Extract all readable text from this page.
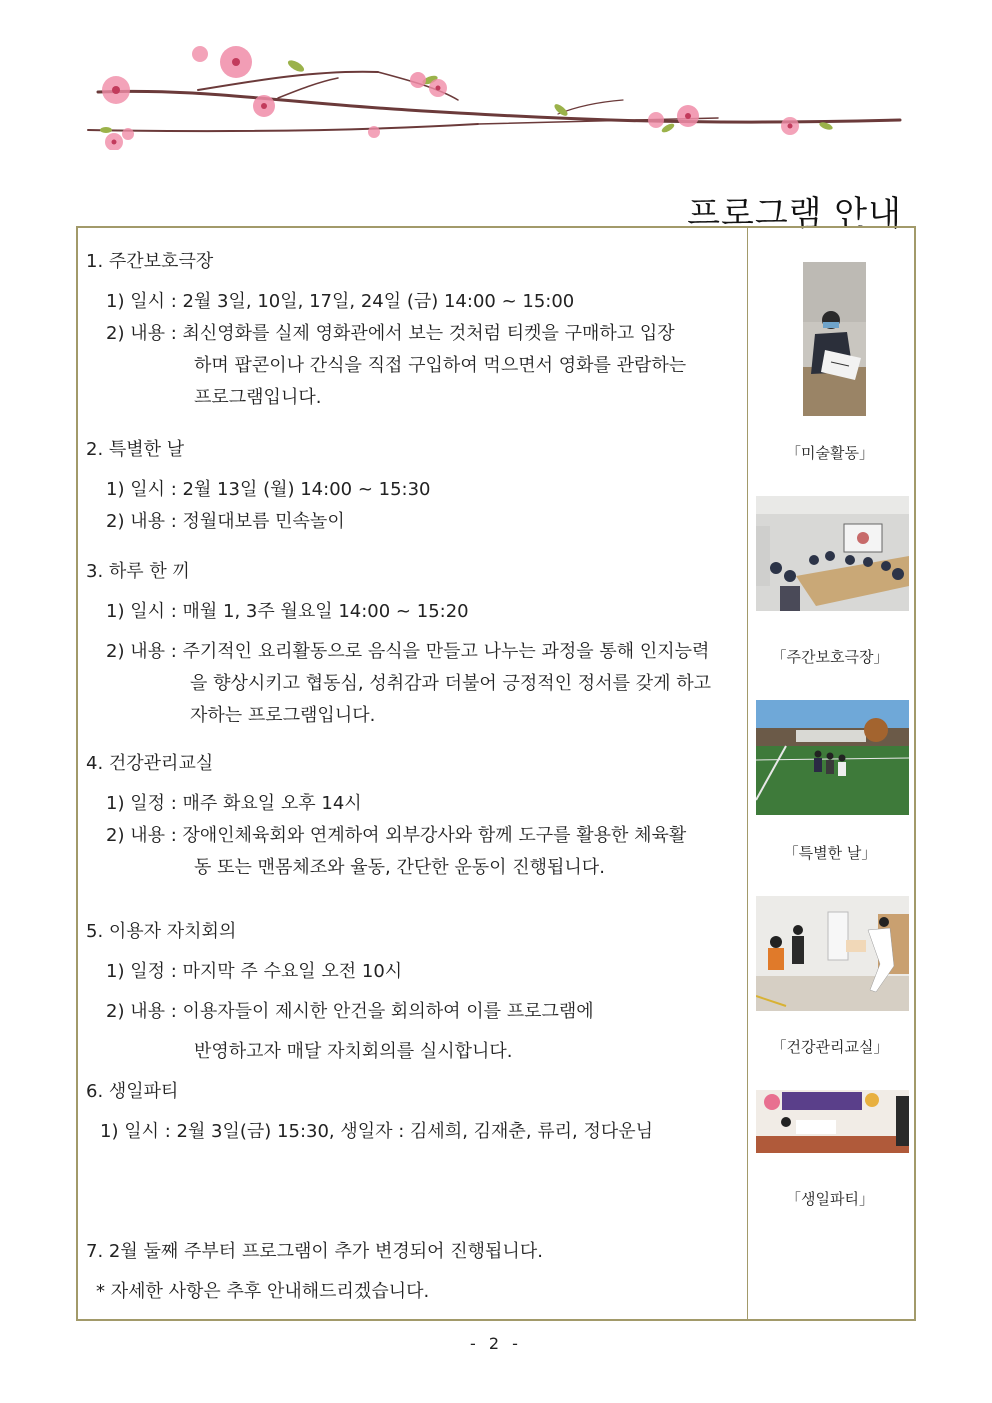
프로그램 안내
1. 주간보호극장
1) 일시 : 2월 3일, 10일, 17일, 24일 (금) 14:00 ~ 15:00
2) 내용 : 최신영화를 실제 영화관에서 보는 것처럼 티켓을 구매하고 입장
하며 팝콘이나 간식을 직접 구입하여 먹으면서 영화를 관람하는
프로그램입니다.
2. 특별한 날
1) 일시 : 2월 13일 (월) 14:00 ~ 15:30
2) 내용 : 정월대보름 민속놀이
3. 하루 한 끼
1) 일시 : 매월 1, 3주 월요일 14:00 ~ 15:20
2) 내용 : 주기적인 요리활동으로 음식을 만들고 나누는 과정을 통해 인지능력
을 향상시키고 협동심, 성취감과 더불어 긍정적인 정서를 갖게 하고
자하는 프로그램입니다.
4. 건강관리교실
1) 일정 : 매주 화요일 오후 14시
2) 내용 : 장애인체육회와 연계하여 외부강사와 함께 도구를 활용한 체육활
동 또는 맨몸체조와 율동, 간단한 운동이 진행됩니다.
5. 이용자 자치회의
1) 일정 : 마지막 주 수요일 오전 10시
2) 내용 : 이용자들이 제시한 안건을 회의하여 이를 프로그램에
반영하고자 매달 자치회의를 실시합니다.
6. 생일파티
1) 일시 : 2월 3일(금) 15:30, 생일자 : 김세희, 김재춘, 류리, 정다운님
7. 2월 둘째 주부터 프로그램이 추가 변경되어 진행됩니다.
* 자세한 사항은 추후 안내해드리겠습니다.
「미술활동」
「주간보호극장」
「특별한 날」
「건강관리교실」
「생일파티」
- 2 -
